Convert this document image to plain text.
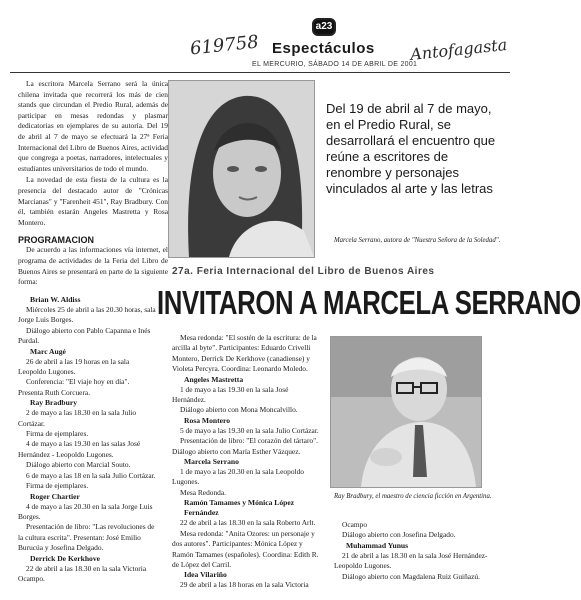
619758	Antofagasta
a23
Espectáculos
EL MERCURIO, SÁBADO 14 DE ABRIL DE 2001

La escritora Marcela Serrano será la única chilena invitada que recorrerá los más de cien stands que circundan el Predio Rural, además de participar en mesas redondas y plasmar dedicatorias en ejemplares de su autoría. Del 19 de abril al 7 de mayo se efectuará la 27ª Feria Internacional del Libro de Buenos Aires, actividad que congrega a poetas, narradores, intelectuales y estudiantes universitarios de todo el mundo.

La novedad de esta fiesta de la cultura es la presencia del destacado autor de "Crónicas Marcianas" y "Farenheit 451", Ray Bradbury. Con él, también estarán Angeles Mastretta y Rosa Montero.

PROGRAMACION

De acuerdo a las informaciones vía internet, el programa de actividades de la Feria del Libro de Buenos Aires se presentará en parte de la siguiente forma:

Marcela Serrano, autora de "Nuestra Señora de la Soledad".
Del 19 de abril al 7 de mayo, en el Predio Rural, se desarrollará el encuentro que reúne a escritores de renombre y personajes vinculados al arte y las letras
27a. Feria Internacional del Libro de Buenos Aires
INVITARON A MARCELA SERRANO
Brian W. Aldiss
Miércoles 25 de abril a las 20.30 horas, sala Jorge Luis Borges.
Diálogo abierto con Pablo Capanna e Inés Purdal.
Marc Augé
26 de abril a las 19 horas en la sala Leopoldo Lugones.
Conferencia: "El viaje hoy en día". Presenta Ruth Corcuera.
Ray Bradbury
2 de mayo a las 18.30 en la sala Julio Cortázar.
Firma de ejemplares.
4 de mayo a las 19.30 en las salas José Hernández - Leopoldo Lugones.
Diálogo abierto con Marcial Souto.
6 de mayo a las 18 en la sala Julio Cortázar.
Firma de ejemplares.
Roger Chartier
4 de mayo a las 20.30 en la sala Jorge Luis Borges.
Presentación de libro: "Las revoluciones de la cultura escrita". Presentan: José Emilio Burucúa y Josefina Delgado.
Derrick De Kerkhove
22 de abril a las 18.30 en la sala Victoria Ocampo.
Mesa redonda: "El sostén de la escritura: de la arcilla al byte". Participantes: Eduardo Crivelli Montero, Derrick De Kerkhove (canadiense) y Violeta Percyra. Coordina: Leonardo Moledo.
Angeles Mastretta
1 de mayo a las 19.30 en la sala José Hernández.
Diálogo abierto con Mona Moncalvillo.
Rosa Montero
5 de mayo a las 19.30 en la sala Julio Cortázar.
Presentación de libro: "El corazón del tártaro". Diálogo abierto con María Esther Vázquez.
Marcela Serrano
1 de mayo a las 20.30 en la sala Leopoldo Lugones.
Mesa Redonda.
Ramón Tamames y Mónica López Fernández
22 de abril a las 18.30 en la sala Roberto Arlt.
Mesa redonda: "Anita Ozores: un personaje y dos autores". Participantes: Mónica López y Ramón Tamames (españoles). Coordina: Edith R. de López del Carril.
Idea Vilariño
29 de abril a las 18 horas en la sala Victoria
Ray Bradbury, el maestro de ciencia ficción en Argentina.
Ocampo
Diálogo abierto con Josefina Delgado.
Muhammad Yunus
21 de abril a las 18.30 en la sala José Hernández-Leopoldo Lugones.
Diálogo abierto con Magdalena Ruiz Guiñazú.
